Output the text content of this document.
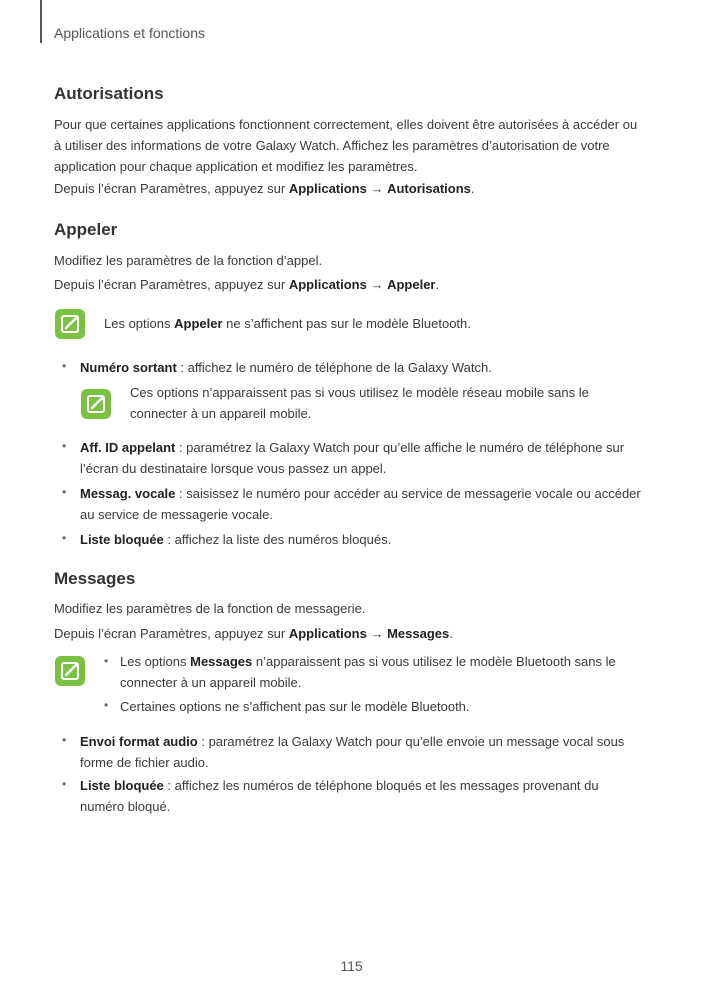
Applications et fonctions
Autorisations

Pour que certaines applications fonctionnent correctement, elles doivent être autorisées à accéder ou à utiliser des informations de votre Galaxy Watch. Affichez les paramètres d’autorisation de votre application pour chaque application et modifiez les paramètres.

Depuis l’écran Paramètres, appuyez sur Applications → Autorisations.

Appeler

Modifiez les paramètres de la fonction d’appel.

Depuis l’écran Paramètres, appuyez sur Applications → Appeler.

Les options Appeler ne s’affichent pas sur le modèle Bluetooth.

• Numéro sortant : affichez le numéro de téléphone de la Galaxy Watch.

Ces options n’apparaissent pas si vous utilisez le modèle réseau mobile sans le connecter à un appareil mobile.

• Aff. ID appelant : paramétrez la Galaxy Watch pour qu’elle affiche le numéro de téléphone sur l’écran du destinataire lorsque vous passez un appel.

• Messag. vocale : saisissez le numéro pour accéder au service de messagerie vocale ou accéder au service de messagerie vocale.

• Liste bloquée : affichez la liste des numéros bloqués.

Messages

Modifiez les paramètres de la fonction de messagerie.

Depuis l’écran Paramètres, appuyez sur Applications → Messages.

• Les options Messages n’apparaissent pas si vous utilisez le modèle Bluetooth sans le connecter à un appareil mobile.

• Certaines options ne s’affichent pas sur le modèle Bluetooth.

• Envoi format audio : paramétrez la Galaxy Watch pour qu’elle envoie un message vocal sous forme de fichier audio.

• Liste bloquée : affichez les numéros de téléphone bloqués et les messages provenant du numéro bloqué.

115
